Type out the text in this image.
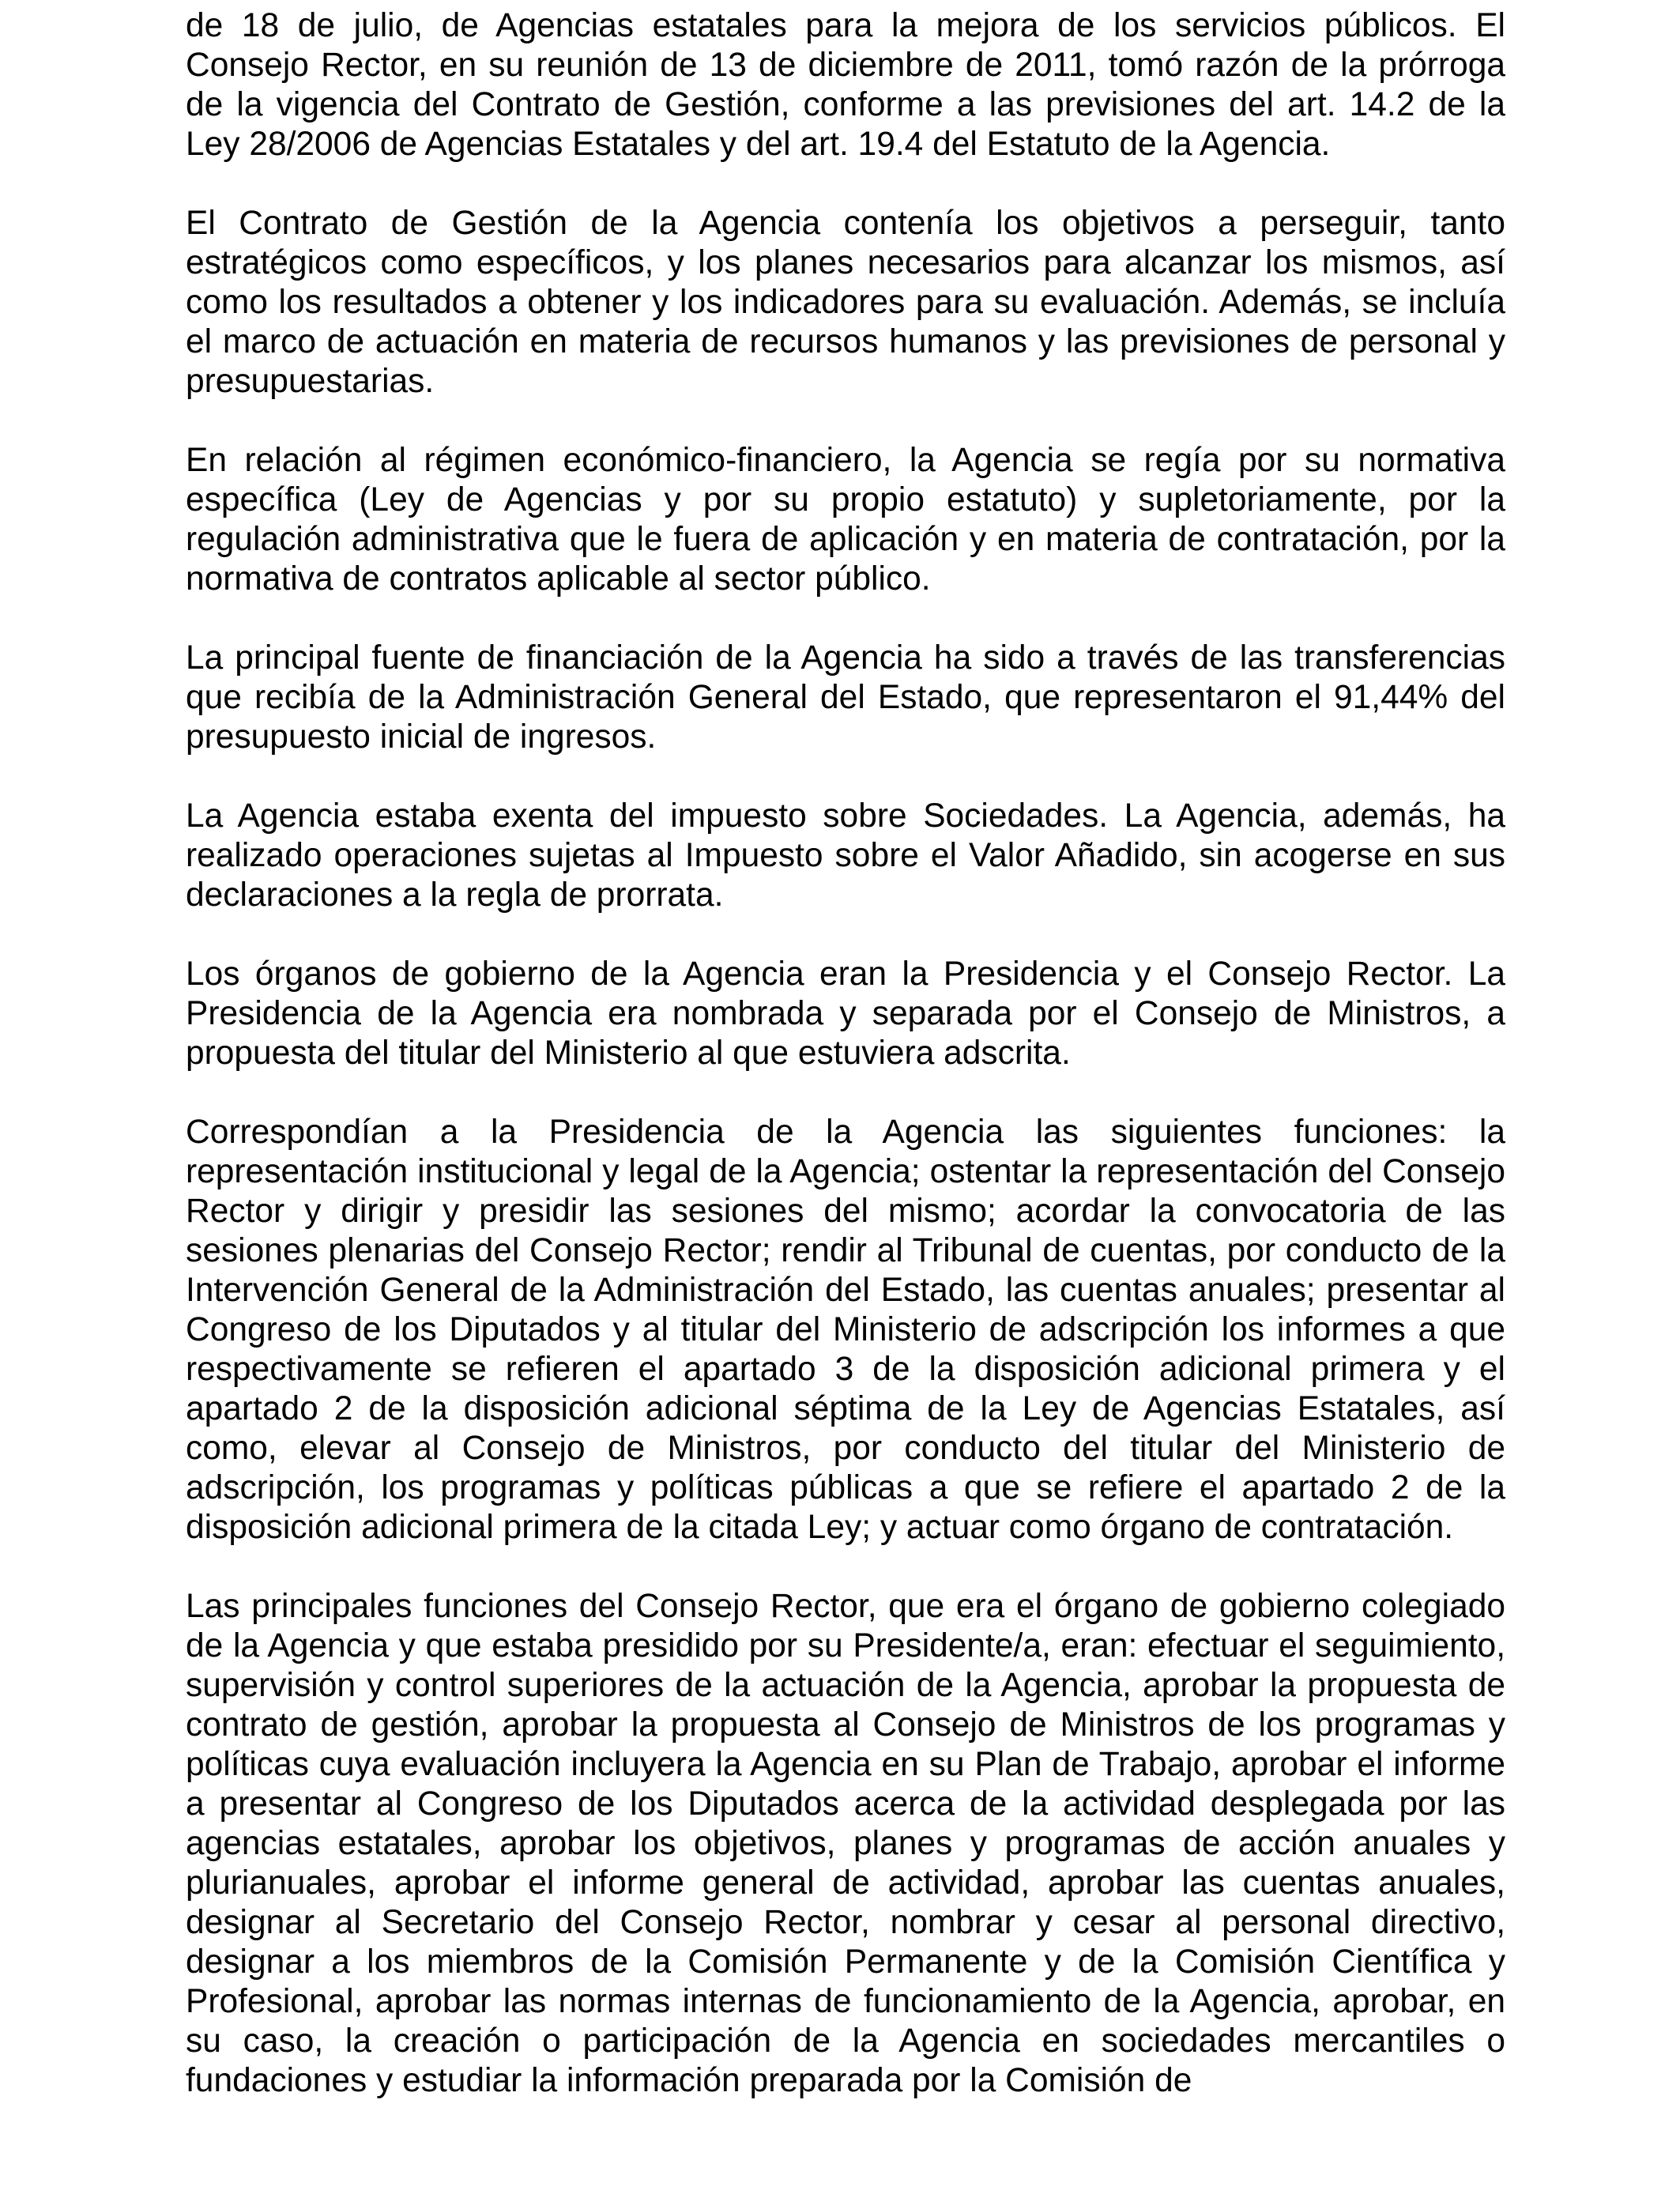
de 18 de julio, de Agencias estatales para la mejora de los servicios públicos. El Consejo Rector, en su reunión de 13 de diciembre de 2011, tomó razón de la prórroga de la vigencia del Contrato de Gestión, conforme a las previsiones del art. 14.2 de la Ley 28/2006 de Agencias Estatales y del art. 19.4 del Estatuto de la Agencia.

El Contrato de Gestión de la Agencia contenía los objetivos a perseguir, tanto estratégicos como específicos, y los planes necesarios para alcanzar los mismos, así como los resultados a obtener y los indicadores para su evaluación. Además, se incluía el marco de actuación en materia de recursos humanos y las previsiones de personal y presupuestarias.

En relación al régimen económico-financiero, la Agencia se regía por su normativa específica (Ley de Agencias y por su propio estatuto) y supletoriamente, por la regulación administrativa que le fuera de aplicación y en materia de contratación, por la normativa de contratos aplicable al sector público.

La principal fuente de financiación de la Agencia ha sido a través de las transferencias que recibía de la Administración General del Estado, que representaron el 91,44% del presupuesto inicial de ingresos.

La Agencia estaba exenta del impuesto sobre Sociedades. La Agencia, además, ha realizado operaciones sujetas al Impuesto sobre el Valor Añadido, sin acogerse en sus declaraciones a la regla de prorrata.

Los órganos de gobierno de la Agencia eran la Presidencia y el Consejo Rector. La Presidencia de la Agencia era nombrada y separada por el Consejo de Ministros, a propuesta del titular del Ministerio al que estuviera adscrita.

Correspondían a la Presidencia de la Agencia las siguientes funciones: la representación institucional y legal de la Agencia; ostentar la representación del Consejo Rector y dirigir y presidir las sesiones del mismo; acordar la convocatoria de las sesiones plenarias del Consejo Rector; rendir al Tribunal de cuentas, por conducto de la Intervención General de la Administración del Estado, las cuentas anuales; presentar al Congreso de los Diputados y al titular del Ministerio de adscripción los informes a que respectivamente se refieren el apartado 3 de la disposición adicional primera y el apartado 2 de la disposición adicional séptima de la Ley de Agencias Estatales, así como, elevar al Consejo de Ministros, por conducto del titular del Ministerio de adscripción, los programas y políticas públicas a que se refiere el apartado 2 de la disposición adicional primera de la citada Ley; y actuar como órgano de contratación.

Las principales funciones del Consejo Rector, que era el órgano de gobierno colegiado de la Agencia y que estaba presidido por su Presidente/a, eran: efectuar el seguimiento, supervisión y control superiores de la actuación de la Agencia, aprobar la propuesta de contrato de gestión, aprobar la propuesta al Consejo de Ministros de los programas y políticas cuya evaluación incluyera la Agencia en su Plan de Trabajo, aprobar el informe a presentar al Congreso de los Diputados acerca de la actividad desplegada por las agencias estatales, aprobar los objetivos, planes y programas de acción anuales y plurianuales, aprobar el informe general de actividad, aprobar las cuentas anuales, designar al Secretario del Consejo Rector, nombrar y cesar al personal directivo, designar a los miembros de la Comisión Permanente y de la Comisión Científica y Profesional, aprobar las normas internas de funcionamiento de la Agencia, aprobar, en su caso, la creación o participación de la Agencia en sociedades mercantiles o fundaciones y estudiar la información preparada por la Comisión de
